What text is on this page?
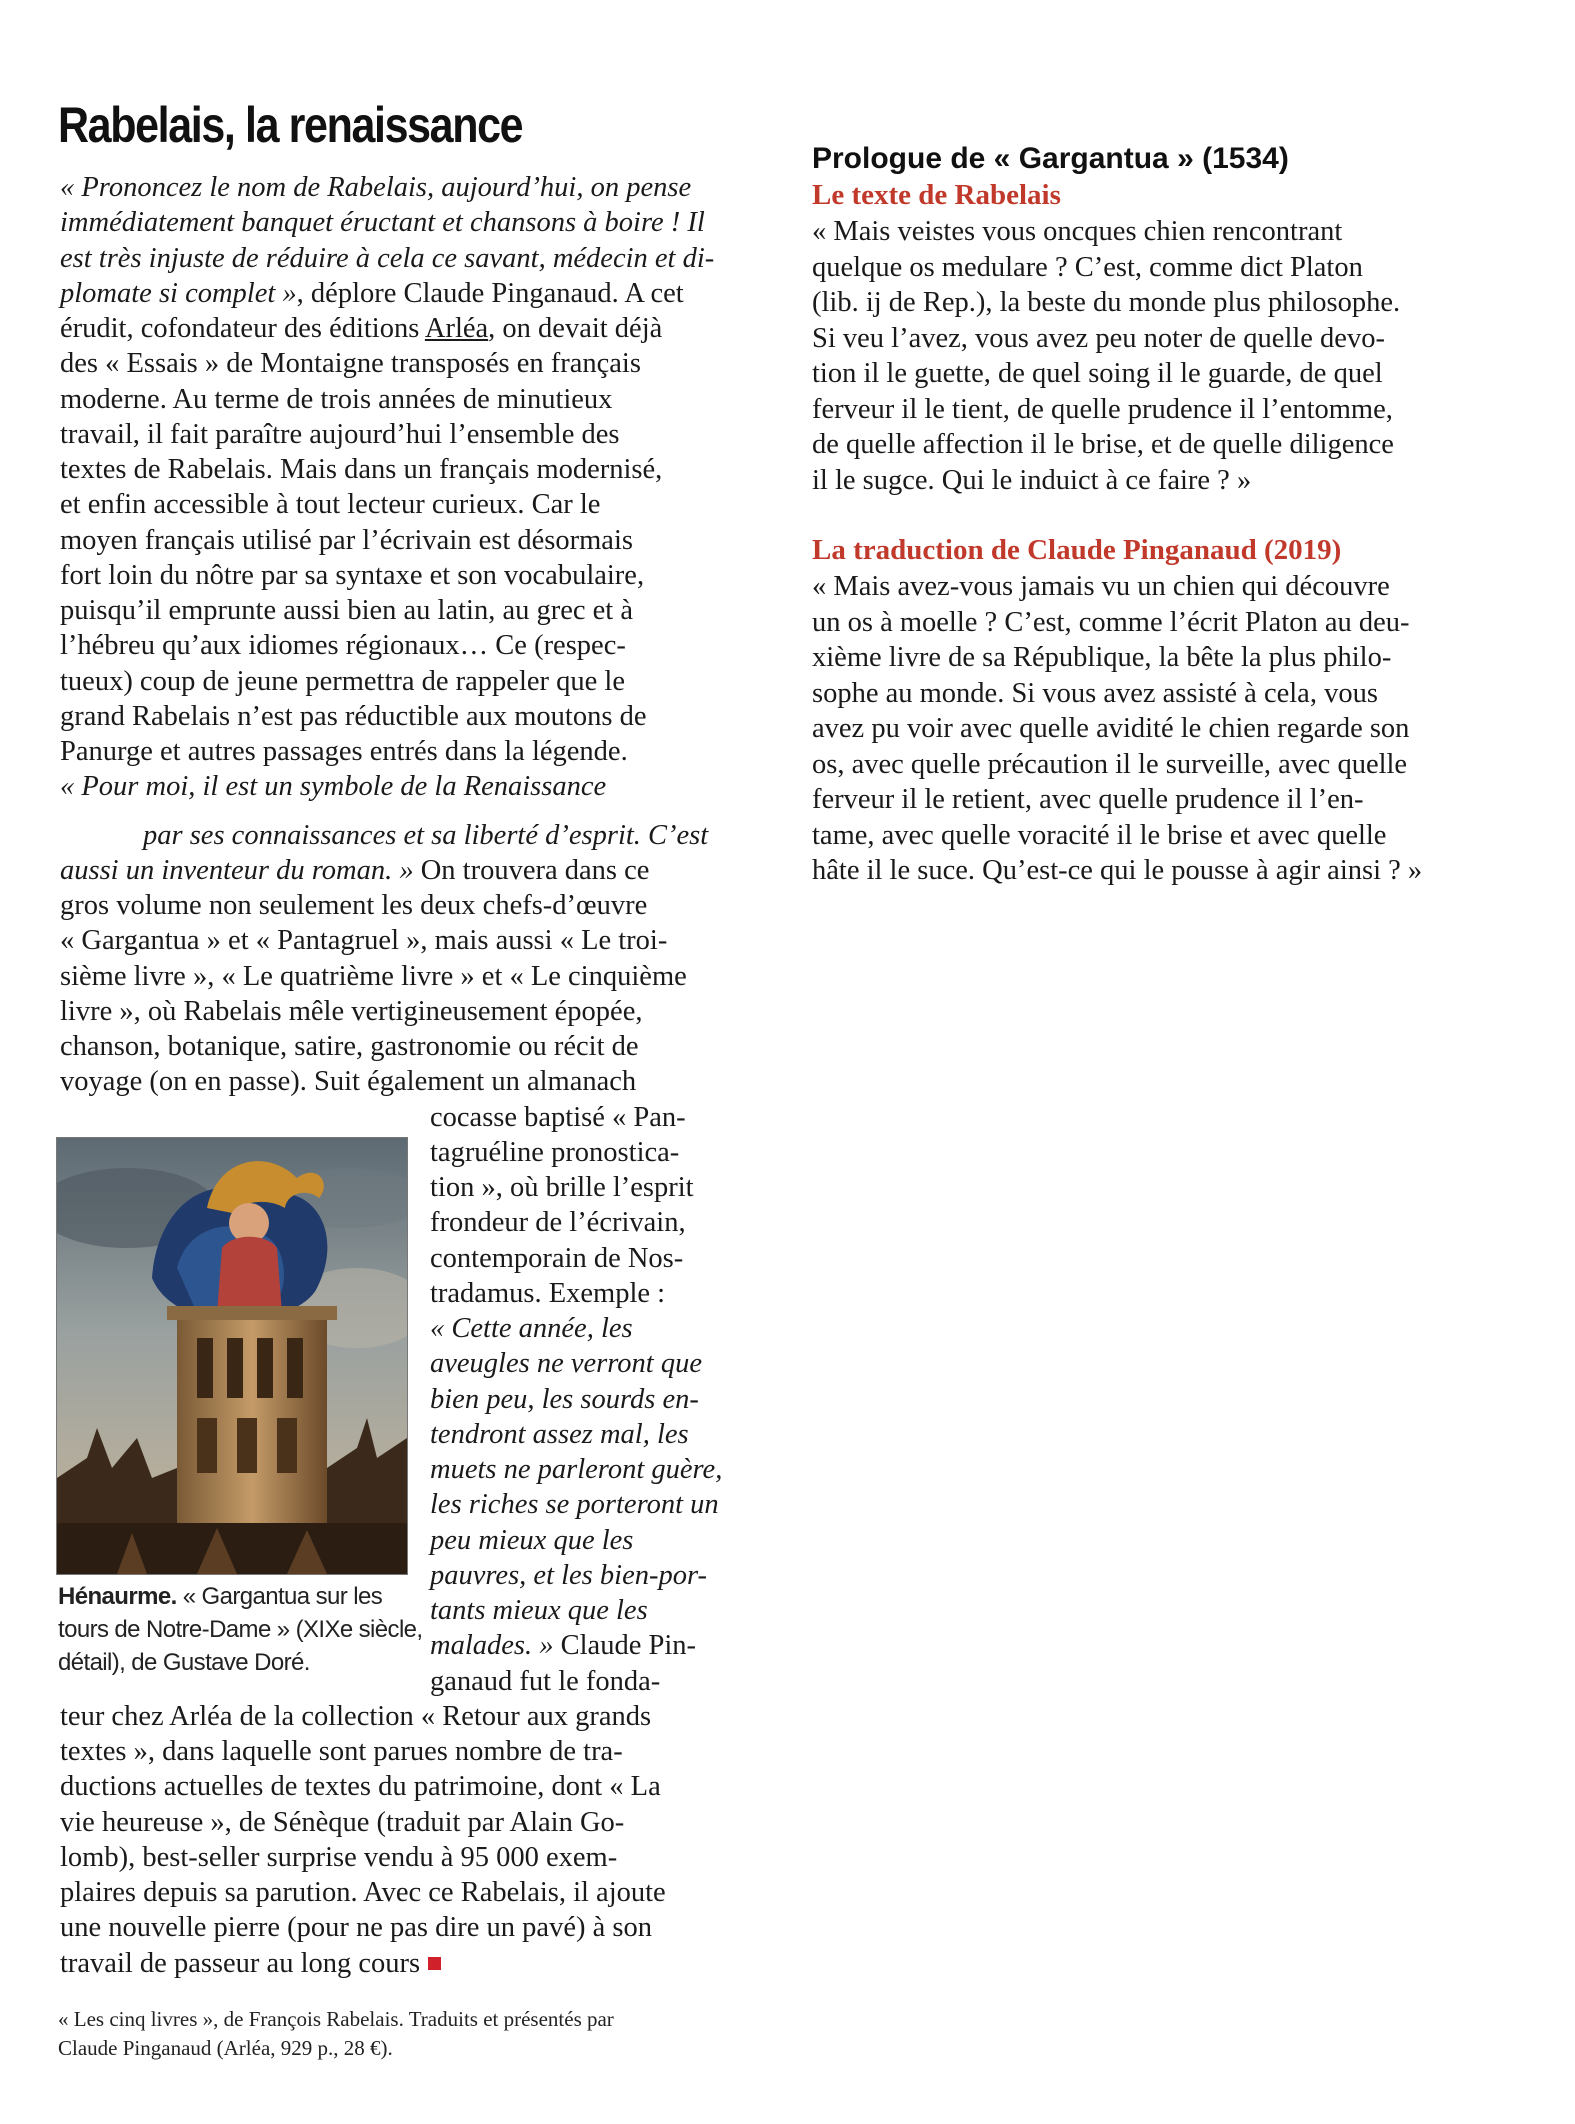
Rabelais, la renaissance
« Prononcez le nom de Rabelais, aujourd’hui, on pense
immédiatement banquet éructant et chansons à boire ! Il
est très injuste de réduire à cela ce savant, médecin et di-
plomate si complet », déplore Claude Pinganaud. A cet
érudit, cofondateur des éditions Arléa, on devait déjà
des « Essais » de Montaigne transposés en français
moderne. Au terme de trois années de minutieux
travail, il fait paraître aujourd’hui l’ensemble des
textes de Rabelais. Mais dans un français modernisé,
et enfin accessible à tout lecteur curieux. Car le
moyen français utilisé par l’écrivain est désormais
fort loin du nôtre par sa syntaxe et son vocabulaire,
puisqu’il emprunte aussi bien au latin, au grec et à
l’hébreu qu’aux idiomes régionaux… Ce (respec-
tueux) coup de jeune permettra de rappeler que le
grand Rabelais n’est pas réductible aux moutons de
Panurge et autres passages entrés dans la légende.
« Pour moi, il est un symbole de la Renaissance
par ses connaissances et sa liberté d’esprit. C’est
aussi un inventeur du roman. » On trouvera dans ce
gros volume non seulement les deux chefs-d’œuvre
« Gargantua » et « Pantagruel », mais aussi « Le troi-
sième livre », « Le quatrième livre » et « Le cinquième
livre », où Rabelais mêle vertigineusement épopée,
chanson, botanique, satire, gastronomie ou récit de
voyage (on en passe). Suit également un almanach
cocasse baptisé « Pan-
tagruéline pronostica-
tion », où brille l’esprit
frondeur de l’écrivain,
contemporain de Nos-
tradamus. Exemple :
« Cette année, les
aveugles ne verront que
bien peu, les sourds en-
tendront assez mal, les
muets ne parleront guère,
les riches se porteront un
peu mieux que les
pauvres, et les bien-por-
tants mieux que les
malades. » Claude Pin-
ganaud fut le fonda-
teur chez Arléa de la collection « Retour aux grands
textes », dans laquelle sont parues nombre de tra-
ductions actuelles de textes du patrimoine, dont « La
vie heureuse », de Sénèque (traduit par Alain Go-
lomb), best-seller surprise vendu à 95 000 exem-
plaires depuis sa parution. Avec ce Rabelais, il ajoute
une nouvelle pierre (pour ne pas dire un pavé) à son
travail de passeur au long cours
Hénaurme. « Gargantua sur les
tours de Notre-Dame » (XIXe siècle,
détail), de Gustave Doré.
« Les cinq livres », de François Rabelais. Traduits et présentés par
Claude Pinganaud (Arléa, 929 p., 28 €).
Prologue de « Gargantua » (1534)
Le texte de Rabelais
La traduction de Claude Pinganaud (2019)
« Mais veistes vous oncques chien rencontrant
quelque os medulare ? C’est, comme dict Platon
(lib. ij de Rep.), la beste du monde plus philosophe.
Si veu l’avez, vous avez peu noter de quelle devo-
tion il le guette, de quel soing il le guarde, de quel
ferveur il le tient, de quelle prudence il l’entomme,
de quelle affection il le brise, et de quelle diligence
il le sugce. Qui le induict à ce faire ? »
« Mais avez-vous jamais vu un chien qui découvre
un os à moelle ? C’est, comme l’écrit Platon au deu-
xième livre de sa République, la bête la plus philo-
sophe au monde. Si vous avez assisté à cela, vous
avez pu voir avec quelle avidité le chien regarde son
os, avec quelle précaution il le surveille, avec quelle
ferveur il le retient, avec quelle prudence il l’en-
tame, avec quelle voracité il le brise et avec quelle
hâte il le suce. Qu’est-ce qui le pousse à agir ainsi ? »
